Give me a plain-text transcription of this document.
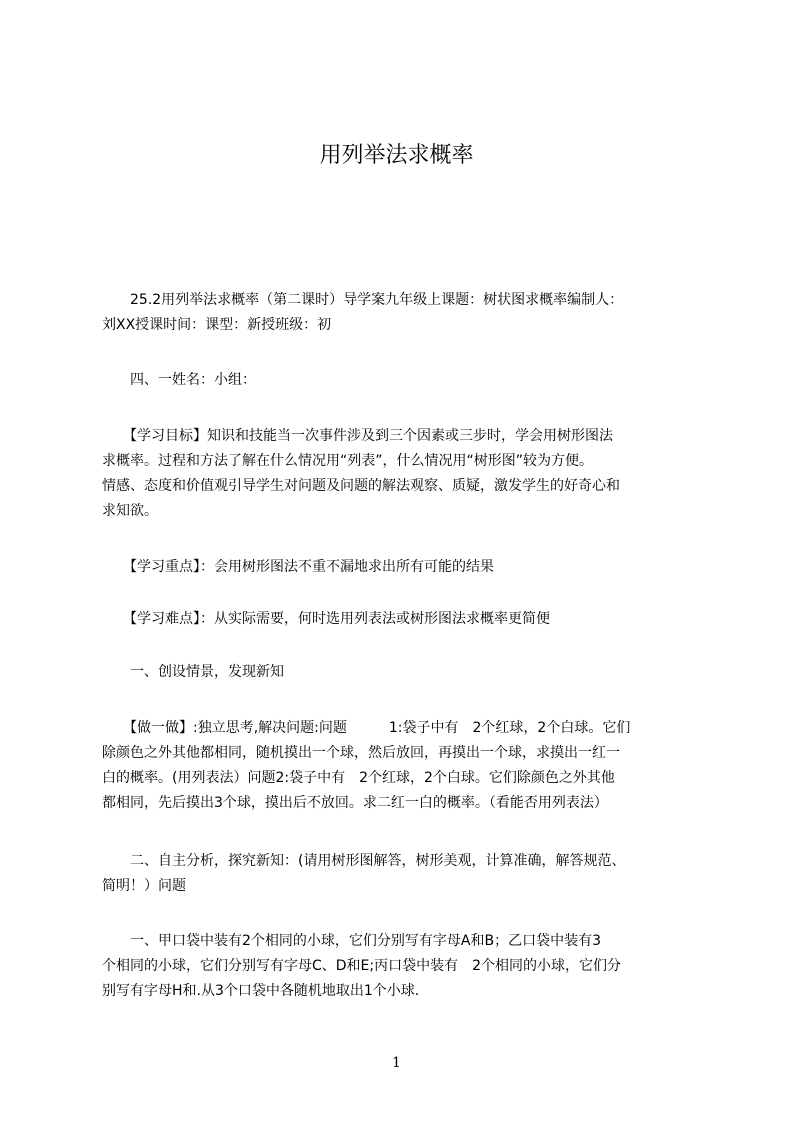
用列举法求概率
　　25.2用列举法求概率（第二课时）导学案九年级上课题：树状图求概率编制人：
刘XX授课时间：课型：新授班级：初
　　四、一姓名：小组：
　　【学习目标】知识和技能当一次事件涉及到三个因素或三步时，学会用树形图法
求概率。过程和方法了解在什么情况用“列表”，什么情况用“树形图”较为方便。
情感、态度和价值观引导学生对问题及问题的解法观察、质疑，激发学生的好奇心和
求知欲。
　　【学习重点】：会用树形图法不重不漏地求出所有可能的结果
　　【学习难点】：从实际需要，何时选用列表法或树形图法求概率更简便
　　一、创设情景，发现新知
　　【做一做】:独立思考,解决问题:问题　　　1:袋子中有　2个红球，2个白球。它们
除颜色之外其他都相同，随机摸出一个球，然后放回，再摸出一个球，求摸出一红一
白的概率。(用列表法）问题2:袋子中有　2个红球，2个白球。它们除颜色之外其他
都相同，先后摸出3个球，摸出后不放回。求二红一白的概率。（看能否用列表法）
　　二、自主分析，探究新知：(请用树形图解答，树形美观，计算准确，解答规范、
简明！）问题
　　一、甲口袋中装有2个相同的小球，它们分别写有字母A和B；乙口袋中装有3
个相同的小球，它们分别写有字母C、D和E;丙口袋中装有　2个相同的小球，它们分
别写有字母H和.从3个口袋中各随机地取出1个小球.
1
